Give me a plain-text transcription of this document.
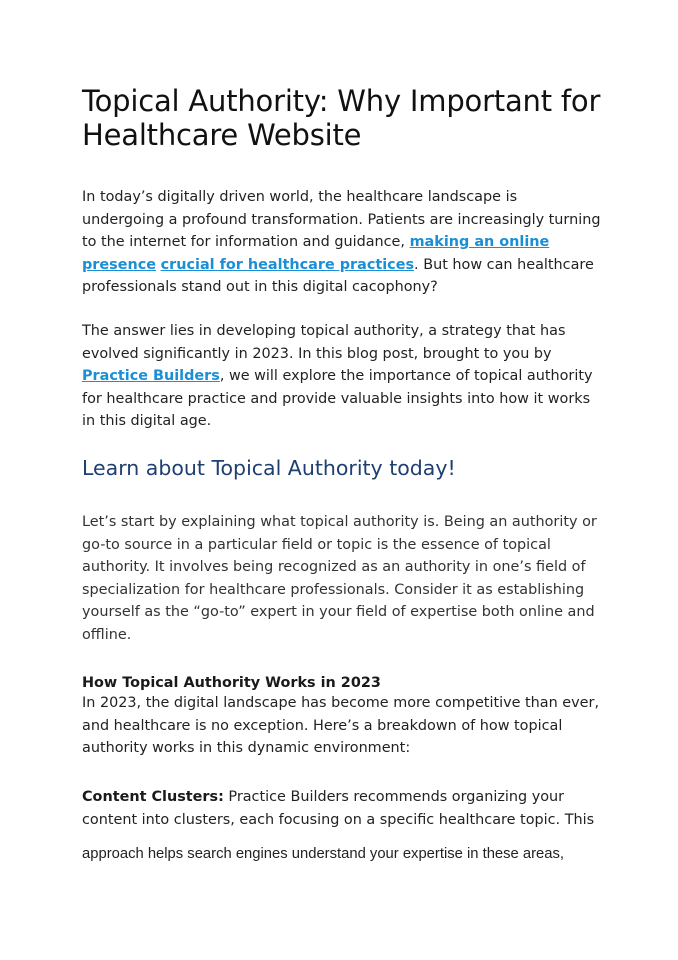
Topical Authority: Why Important for Healthcare Website

In today’s digitally driven world, the healthcare landscape is undergoing a profound transformation. Patients are increasingly turning to the internet for information and guidance, making an online presence crucial for healthcare practices. But how can healthcare professionals stand out in this digital cacophony?

The answer lies in developing topical authority, a strategy that has evolved significantly in 2023. In this blog post, brought to you by Practice Builders, we will explore the importance of topical authority for healthcare practice and provide valuable insights into how it works in this digital age.

Learn about Topical Authority today!

Let’s start by explaining what topical authority is. Being an authority or go-to source in a particular field or topic is the essence of topical authority. It involves being recognized as an authority in one’s field of specialization for healthcare professionals. Consider it as establishing yourself as the “go-to” expert in your field of expertise both online and offline.

How Topical Authority Works in 2023

In 2023, the digital landscape has become more competitive than ever, and healthcare is no exception. Here’s a breakdown of how topical authority works in this dynamic environment:

Content Clusters: Practice Builders recommends organizing your content into clusters, each focusing on a specific healthcare topic. This

approach helps search engines understand your expertise in these areas,
